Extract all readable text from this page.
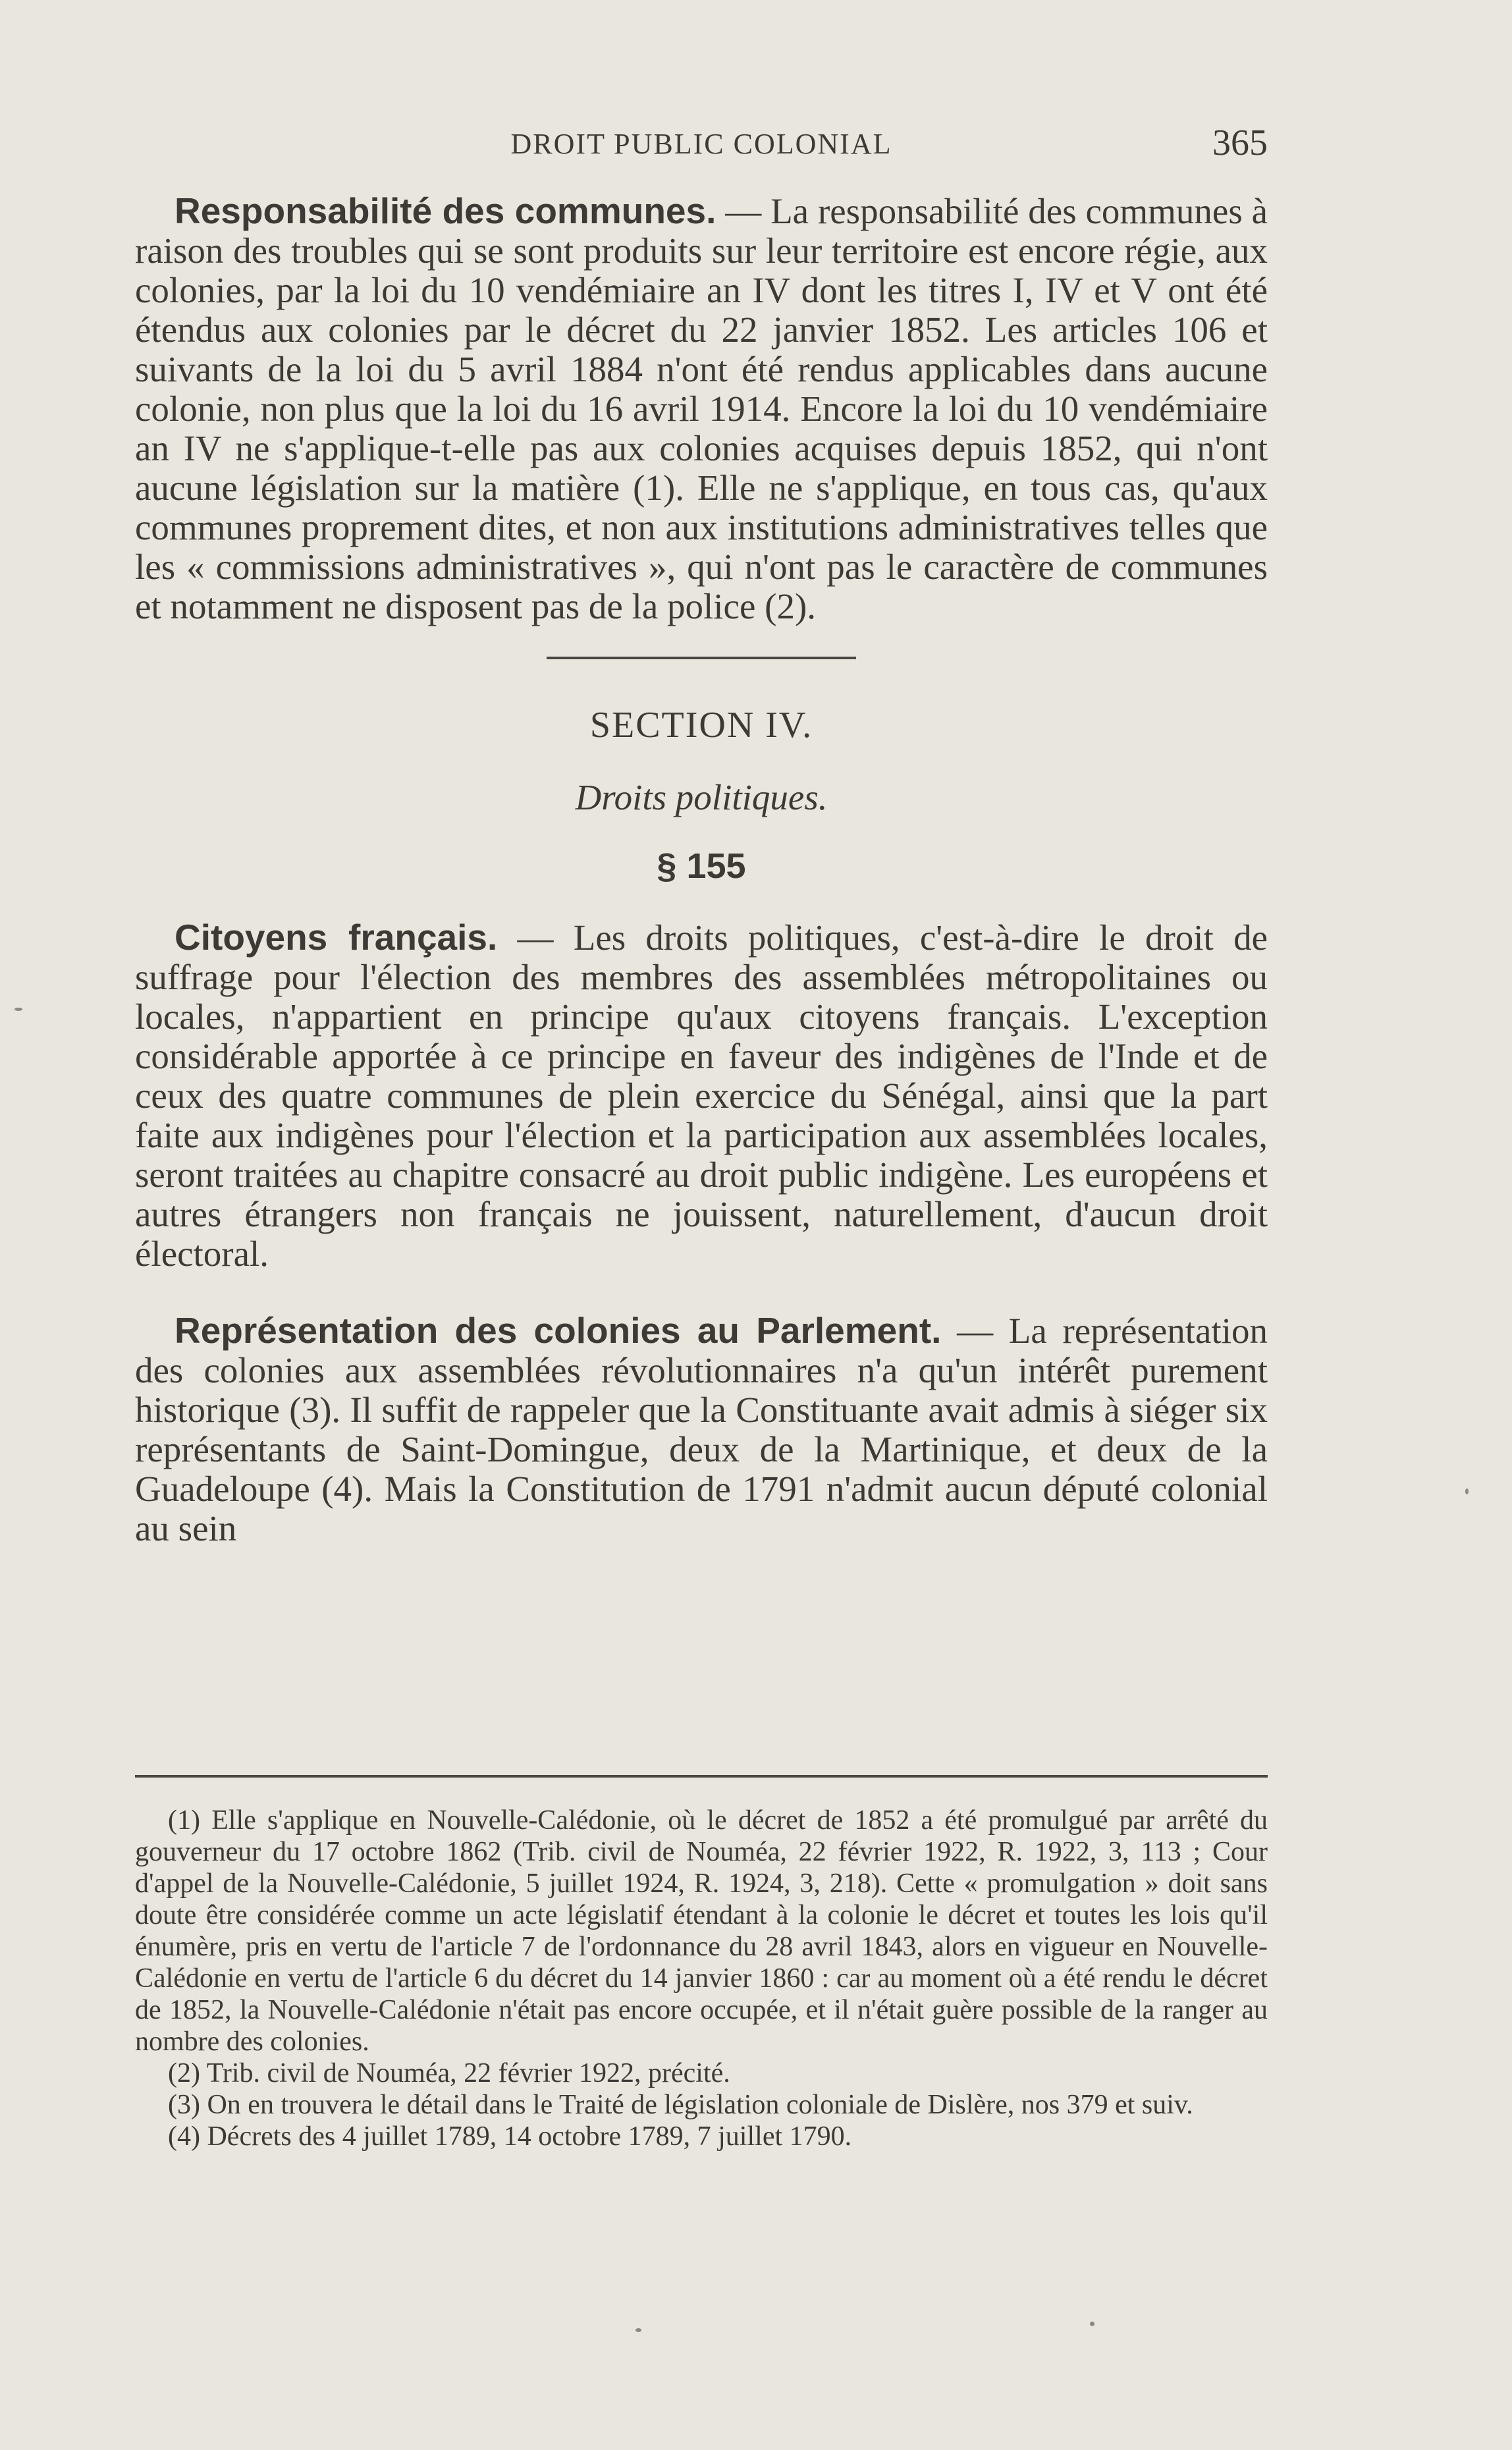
DROIT PUBLIC COLONIAL	365

Responsabilité des communes. — La responsabilité des communes à raison des troubles qui se sont produits sur leur territoire est encore régie, aux colonies, par la loi du 10 vendémiaire an IV dont les titres I, IV et V ont été étendus aux colonies par le décret du 22 janvier 1852. Les articles 106 et suivants de la loi du 5 avril 1884 n'ont été rendus applicables dans aucune colonie, non plus que la loi du 16 avril 1914. Encore la loi du 10 vendémiaire an IV ne s'applique-t-elle pas aux colonies acquises depuis 1852, qui n'ont aucune législation sur la matière (1). Elle ne s'applique, en tous cas, qu'aux communes proprement dites, et non aux institutions administratives telles que les « commissions administratives », qui n'ont pas le caractère de communes et notamment ne disposent pas de la police (2).

SECTION IV.
Droits politiques.
§ 155

Citoyens français. — Les droits politiques, c'est-à-dire le droit de suffrage pour l'élection des membres des assemblées métropolitaines ou locales, n'appartient en principe qu'aux citoyens français. L'exception considérable apportée à ce principe en faveur des indigènes de l'Inde et de ceux des quatre communes de plein exercice du Sénégal, ainsi que la part faite aux indigènes pour l'élection et la participation aux assemblées locales, seront traitées au chapitre consacré au droit public indigène. Les européens et autres étrangers non français ne jouissent, naturellement, d'aucun droit électoral.

Représentation des colonies au Parlement. — La représentation des colonies aux assemblées révolutionnaires n'a qu'un intérêt purement historique (3). Il suffit de rappeler que la Constituante avait admis à siéger six représentants de Saint-Domingue, deux de la Martinique, et deux de la Guadeloupe (4). Mais la Constitution de 1791 n'admit aucun député colonial au sein

(1) Elle s'applique en Nouvelle-Calédonie, où le décret de 1852 a été promulgué par arrêté du gouverneur du 17 octobre 1862 (Trib. civil de Nouméa, 22 février 1922, R. 1922, 3, 113 ; Cour d'appel de la Nouvelle-Calédonie, 5 juillet 1924, R. 1924, 3, 218). Cette « promulgation » doit sans doute être considérée comme un acte législatif étendant à la colonie le décret et toutes les lois qu'il énumère, pris en vertu de l'article 7 de l'ordonnance du 28 avril 1843, alors en vigueur en Nouvelle-Calédonie en vertu de l'article 6 du décret du 14 janvier 1860 : car au moment où a été rendu le décret de 1852, la Nouvelle-Calédonie n'était pas encore occupée, et il n'était guère possible de la ranger au nombre des colonies.

(2) Trib. civil de Nouméa, 22 février 1922, précité.

(3) On en trouvera le détail dans le Traité de législation coloniale de Dislère, nos 379 et suiv.

(4) Décrets des 4 juillet 1789, 14 octobre 1789, 7 juillet 1790.
